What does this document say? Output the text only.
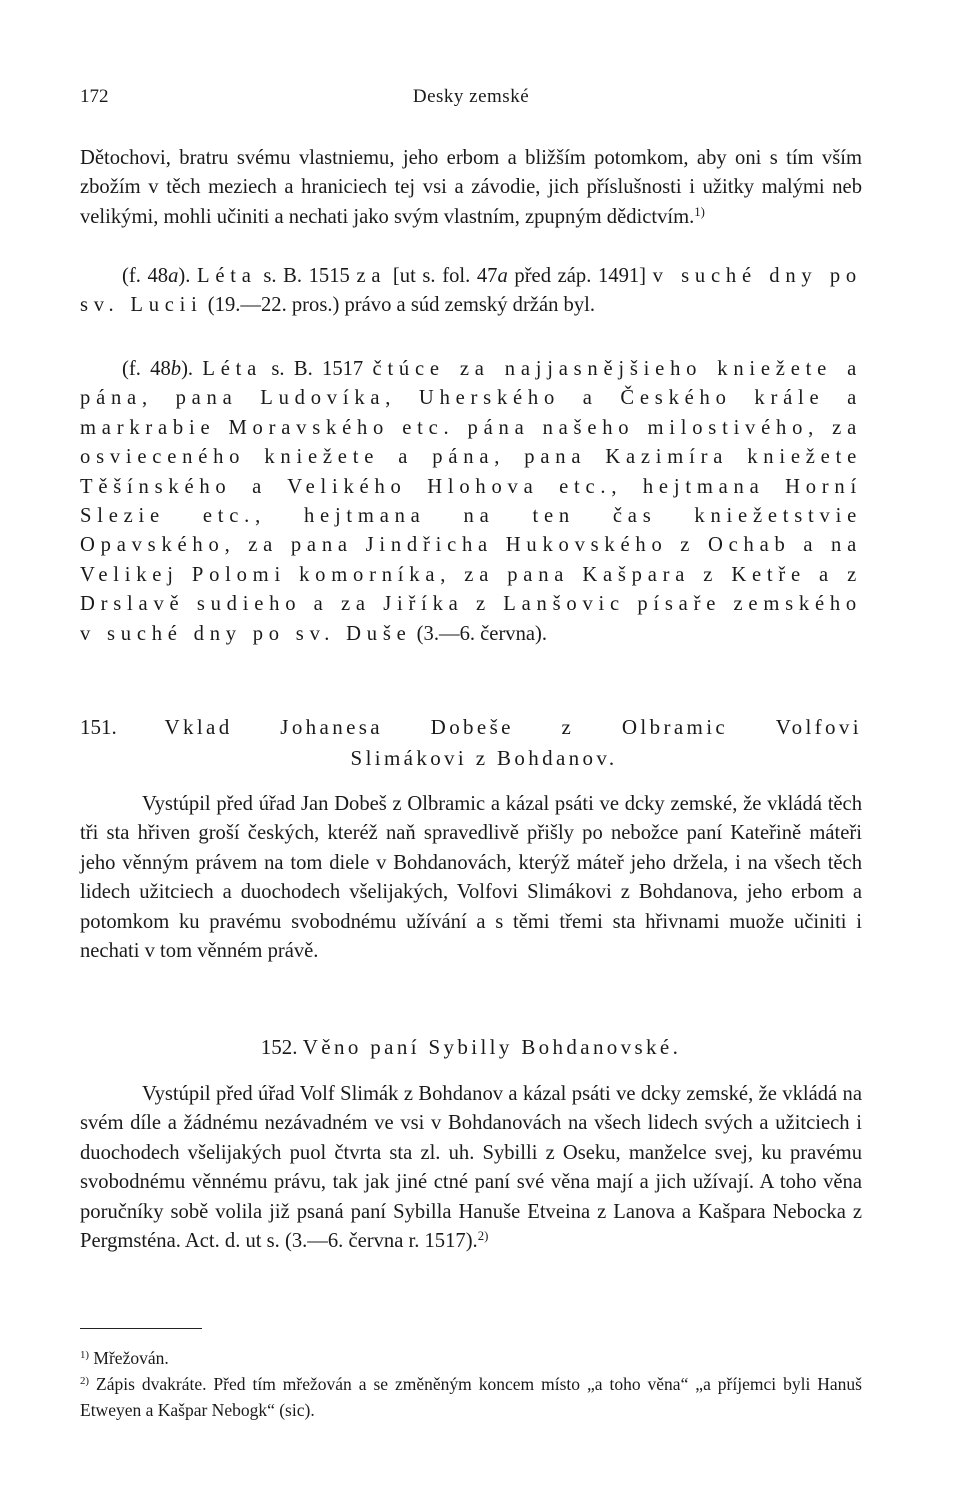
172	Desky zemské

Dětochovi, bratru svému vlastniemu, jeho erbom a bližším potomkom, aby oni s tím vším zbožím v těch meziech a hraniciech tej vsi a závodie, jich příslušnosti i užitky malými neb velikými, mohli učiniti a nechati jako svým vlastním, zpupným dědictvím.$^{1)}$

(f. 48a). Léta s. B. 1515 za [ut s. fol. 47a před záp. 1491] v suché dny po sv. Lucii (19.—22. pros.) právo a súd zemský držán byl.

(f. 48b). Léta s. B. 1517 čtúce za najjasnějšieho kniežete a pána, pana Ludovíka, Uherského a Českého krále a markrabie Moravského etc. pána našeho milostivého, za osvieceného kniežete a pána, pana Kazimíra kniežete Těšínského a Velikého Hlohova etc., hejtmana Horní Slezie etc., hejtmana na ten čas kniežetstvie Opavského, za pana Jindřicha Hukovského z Ochab a na Velikej Polomi komorníka, za pana Kašpara z Ketře a z Drslavě sudieho a za Jiříka z Lanšovic písaře zemského v suché dny po sv. Duše (3.—6. června).

151. Vklad Johanesa Dobeše z Olbramic Volfovi
Slimákovi z Bohdanov.

Vystúpil před úřad Jan Dobeš z Olbramic a kázal psáti ve dcky zemské, že vkládá těch tři sta hřiven groší českých, kteréž naň spravedlivě přišly po nebožce paní Kateřině máteři jeho věnným právem na tom diele v Bohdanovách, kterýž máteř jeho držela, i na všech těch lidech užitciech a duochodech všelijakých, Volfovi Slimákovi z Bohdanova, jeho erbom a potomkom ku pravému svobodnému užívání a s těmi třemi sta hřivnami muože učiniti i nechati v tom věnném právě.

152. Věno paní Sybilly Bohdanovské.

Vystúpil před úřad Volf Slimák z Bohdanov a kázal psáti ve dcky zemské, že vkládá na svém díle a žádnému nezávadném ve vsi v Bohdanovách na všech lidech svých a užitciech i duochodech všelijakých puol čtvrta sta zl. uh. Sybilli z Oseku, manželce svej, ku pravému svobodnému věnnému právu, tak jak jiné ctné paní své věna mají a jich užívají. A toho věna poručníky sobě volila již psaná paní Sybilla Hanuše Etveina z Lanova a Kašpara Nebocka z Pergmsténa. Act. d. ut s. (3.—6. června r. 1517).$^{2)}$

$^{1)}$ Mřežován.

$^{2)}$ Zápis dvakráte. Před tím mřežován a se změněným koncem místo „a toho věna“ „a příjemci byli Hanuš Etweyen a Kašpar Nebogk“ (sic).
